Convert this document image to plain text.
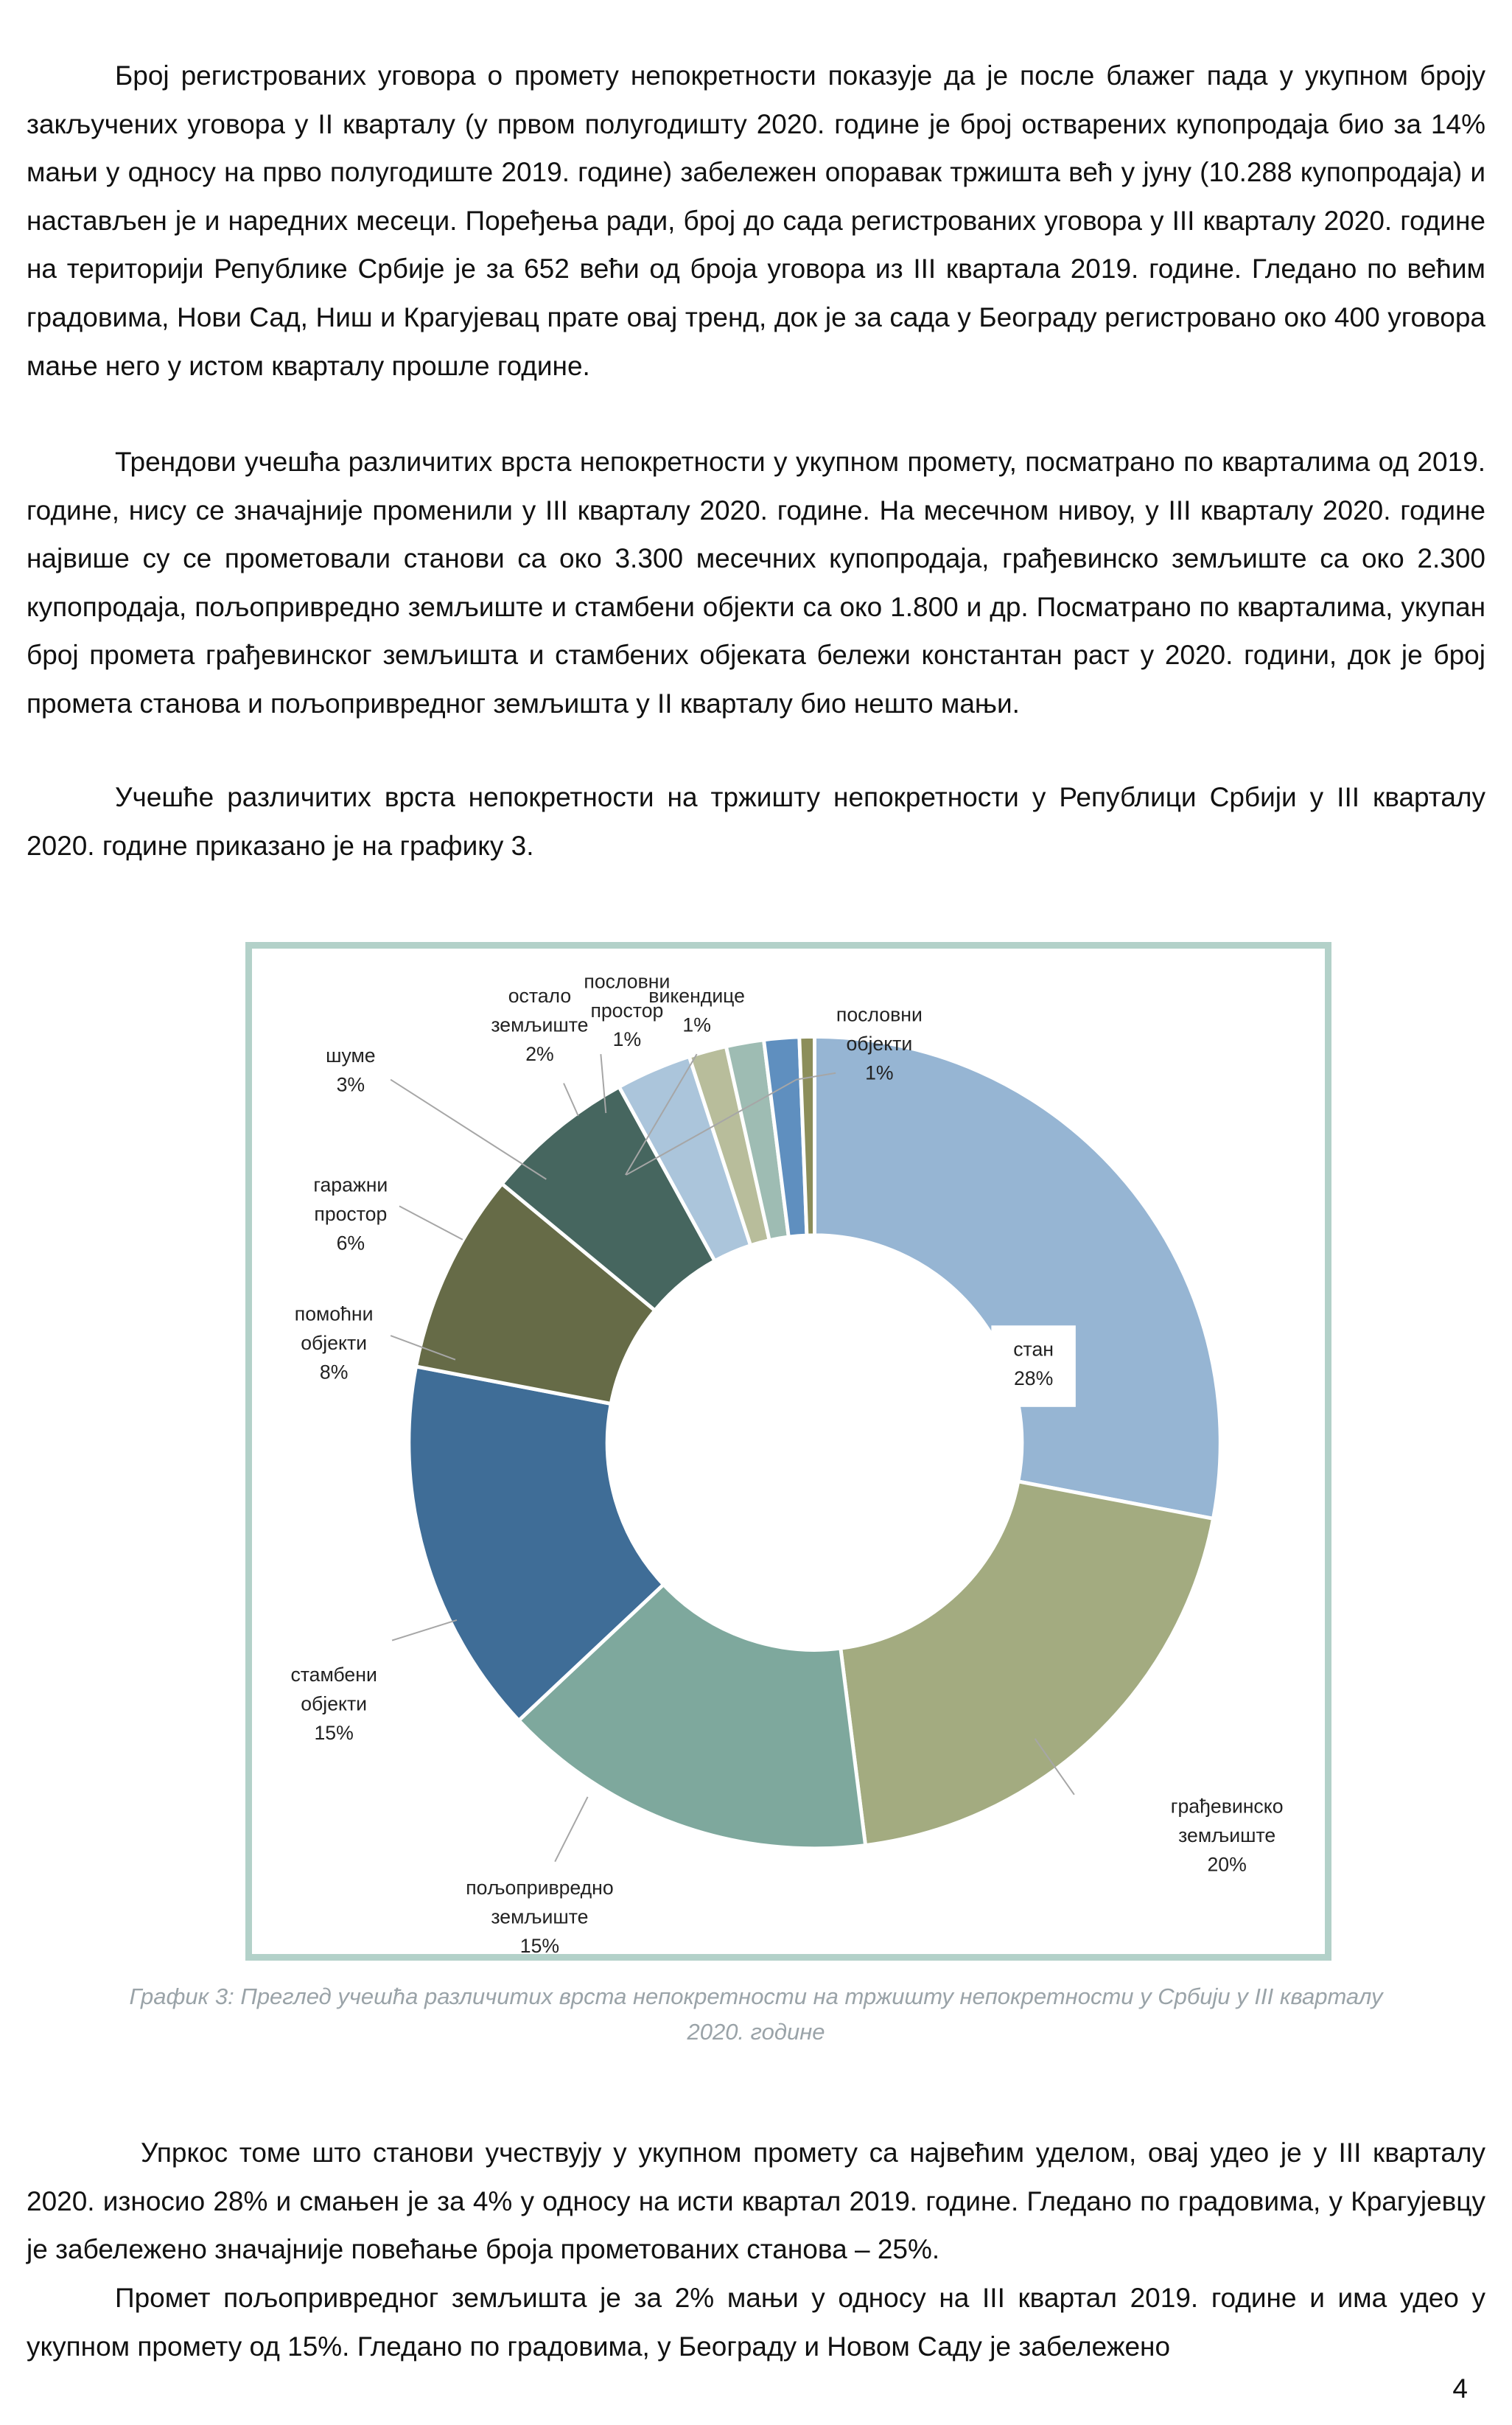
Број регистрованих уговора о промету непокретности показује да је после блажег пада у укупном броју закључених уговора у II кварталу (у првом полугодишту 2020. године је број остварених купопродаја био за 14% мањи у односу на прво полугодиште 2019. године) забележен опоравак тржишта већ у јуну (10.288 купопродаја) и настављен је и наредних месеци. Поређења ради, број до сада регистрованих уговора у III кварталу 2020. године на територији Републике Србије је за 652 већи од броја уговора из III квартала 2019. године. Гледано по већим градовима, Нови Сад, Ниш и Крагујевац прате овај тренд, док је за сада у Београду регистровано око 400 уговора мање него у истом кварталу прошле године.

Трендови учешћа различитих врста непокретности у укупном промету, посматрано по кварталима од 2019. године, нису се значајније променили у III кварталу 2020. године. На месечном нивоу, у III кварталу 2020. године највише су се прометовали станови са око 3.300 месечних купопродаја, грађевинско земљиште са око 2.300 купопродаја, пољопривредно земљиште и стамбени објекти са око 1.800 и др. Посматрано по кварталима, укупан број промета грађевинског земљишта и стамбених објеката бележи константан раст у 2020. години, док је број промета станова и пољопривредног земљишта у II кварталу био нешто мањи.

Учешће различитих врста непокретности на тржишту непокретности у Републици Србији у III кварталу 2020. године приказано је на графику 3.

стан 28%
грађевинско земљиште 20%
пољопривредно земљиште 15%
стамбени објекти 15%
помоћни објекти 8%
гаражни простор 6%
шуме 3%
остало земљиште 2%
пословни простор 1%
викендице 1%	пословни објекти 1%

График 3: Преглед учешћа различитих врста непокретности на тржишту непокретности у Србији у III кварталу 2020. године

Упркос томе што станови учествују у укупном промету са највећим уделом, овај удео је у III кварталу 2020. износио 28% и смањен је за 4% у односу на исти квартал 2019. године. Гледано по градовима, у Крагујевцу је забележено значајније повећање броја прометованих станова – 25%.

Промет пољопривредног земљишта је за 2% мањи у односу на III квартал 2019. године и има удео у укупном промету од 15%. Гледано по градовима, у Београду и Новом Саду је забележено

4
